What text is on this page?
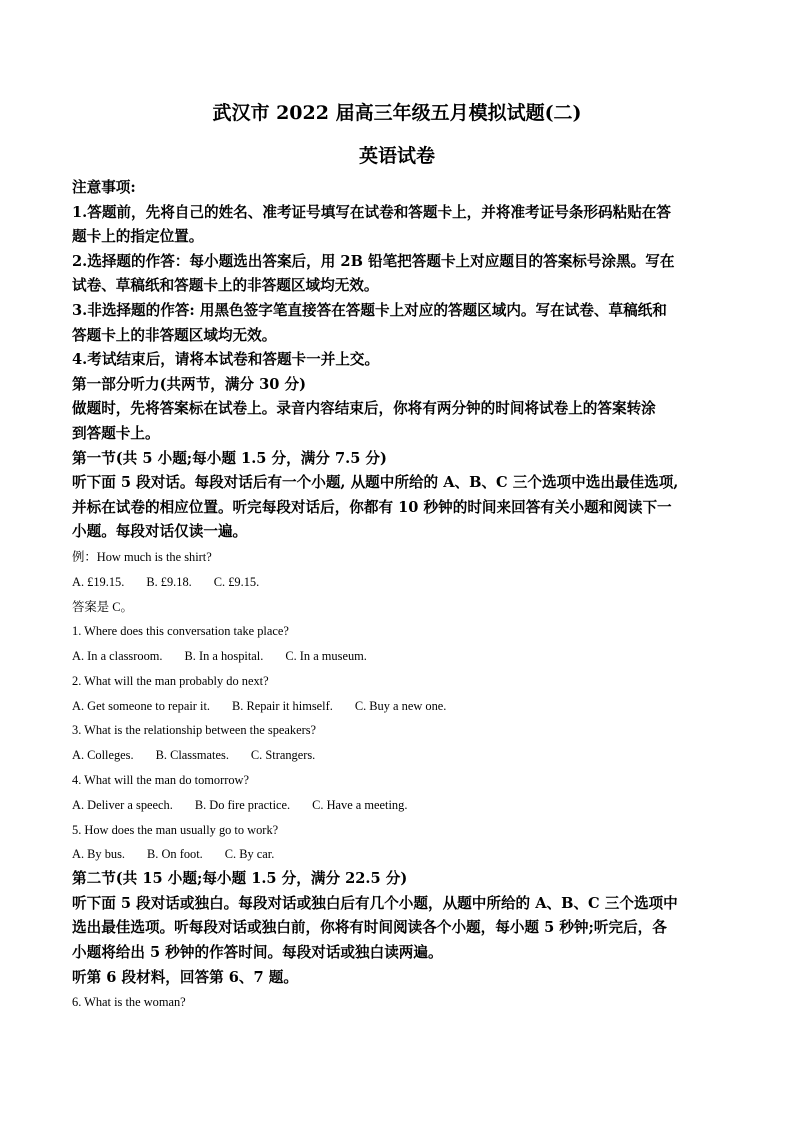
武汉市 2022 届高三年级五月模拟试题(二)
英语试卷

注意事项:

1.答题前，先将自己的姓名、准考证号填写在试卷和答题卡上，并将准考证号条形码粘贴在答

题卡上的指定位置。

2.选择题的作答：每小题选出答案后，用 2B 铅笔把答题卡上对应题目的答案标号涂黑。写在

试卷、草稿纸和答题卡上的非答题区域均无效。

3.非选择题的作答: 用黑色签字笔直接答在答题卡上对应的答题区域内。写在试卷、草稿纸和

答题卡上的非答题区域均无效。

4.考试结束后，请将本试卷和答题卡一并上交。

第一部分听力(共两节，满分 30 分)

做题时，先将答案标在试卷上。录音内容结束后，你将有两分钟的时间将试卷上的答案转涂

到答题卡上。

第一节(共 5 小题;每小题 1.5 分，满分 7.5 分)

听下面 5 段对话。每段对话后有一个小题, 从题中所给的 A、B、C 三个选项中选出最佳选项,

并标在试卷的相应位置。听完每段对话后，你都有 10 秒钟的时间来回答有关小题和阅读下一

小题。每段对话仅读一遍。

例：How much is the shirt?

A. £19.15. B. £9.18. C. £9.15.

答案是 C。

1. Where does this conversation take place?

A. In a classroom. B. In a hospital. C. In a museum.

2. What will the man probably do next?

A. Get someone to repair it. B. Repair it himself. C. Buy a new one.

3. What is the relationship between the speakers?

A. Colleges. B. Classmates. C. Strangers.

4. What will the man do tomorrow?

A. Deliver a speech. B. Do fire practice. C. Have a meeting.

5. How does the man usually go to work?

A. By bus. B. On foot. C. By car.

第二节(共 15 小题;每小题 1.5 分，满分 22.5 分)

听下面 5 段对话或独白。每段对话或独白后有几个小题，从题中所给的 A、B、C 三个选项中

选出最佳选项。听每段对话或独白前，你将有时间阅读各个小题，每小题 5 秒钟;听完后，各

小题将给出 5 秒钟的作答时间。每段对话或独白读两遍。

听第 6 段材料，回答第 6、7 题。

6. What is the woman?
